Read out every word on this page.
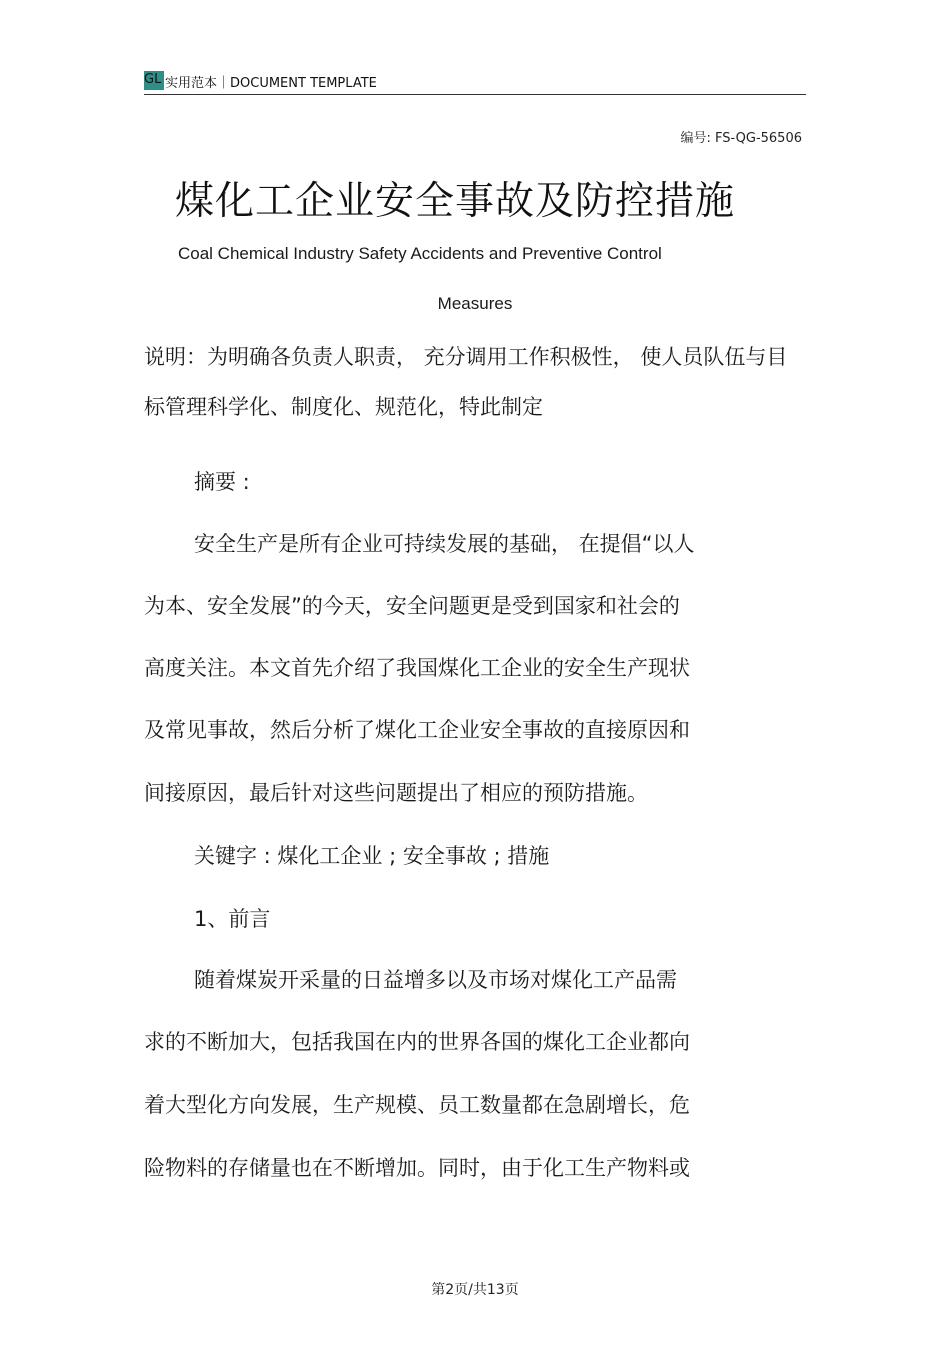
GL 实用范本｜DOCUMENT TEMPLATE
编号: FS-QG-56506
煤化工企业安全事故及防控措施
Coal Chemical Industry Safety Accidents and Preventive Control
Measures
说明：为明确各负责人职责， 充分调用工作积极性， 使人员队伍与目
标管理科学化、制度化、规范化，特此制定
摘要 :
安全生产是所有企业可持续发展的基础， 在提倡“以人
为本、安全发展”的今天，安全问题更是受到国家和社会的
高度关注。本文首先介绍了我国煤化工企业的安全生产现状
及常见事故，然后分析了煤化工企业安全事故的直接原因和
间接原因，最后针对这些问题提出了相应的预防措施。
关键字 : 煤化工企业 ; 安全事故 ; 措施
1、前言
随着煤炭开采量的日益增多以及市场对煤化工产品需
求的不断加大，包括我国在内的世界各国的煤化工企业都向
着大型化方向发展，生产规模、员工数量都在急剧增长，危
险物料的存储量也在不断增加。同时，由于化工生产物料或
第2页/共13页
